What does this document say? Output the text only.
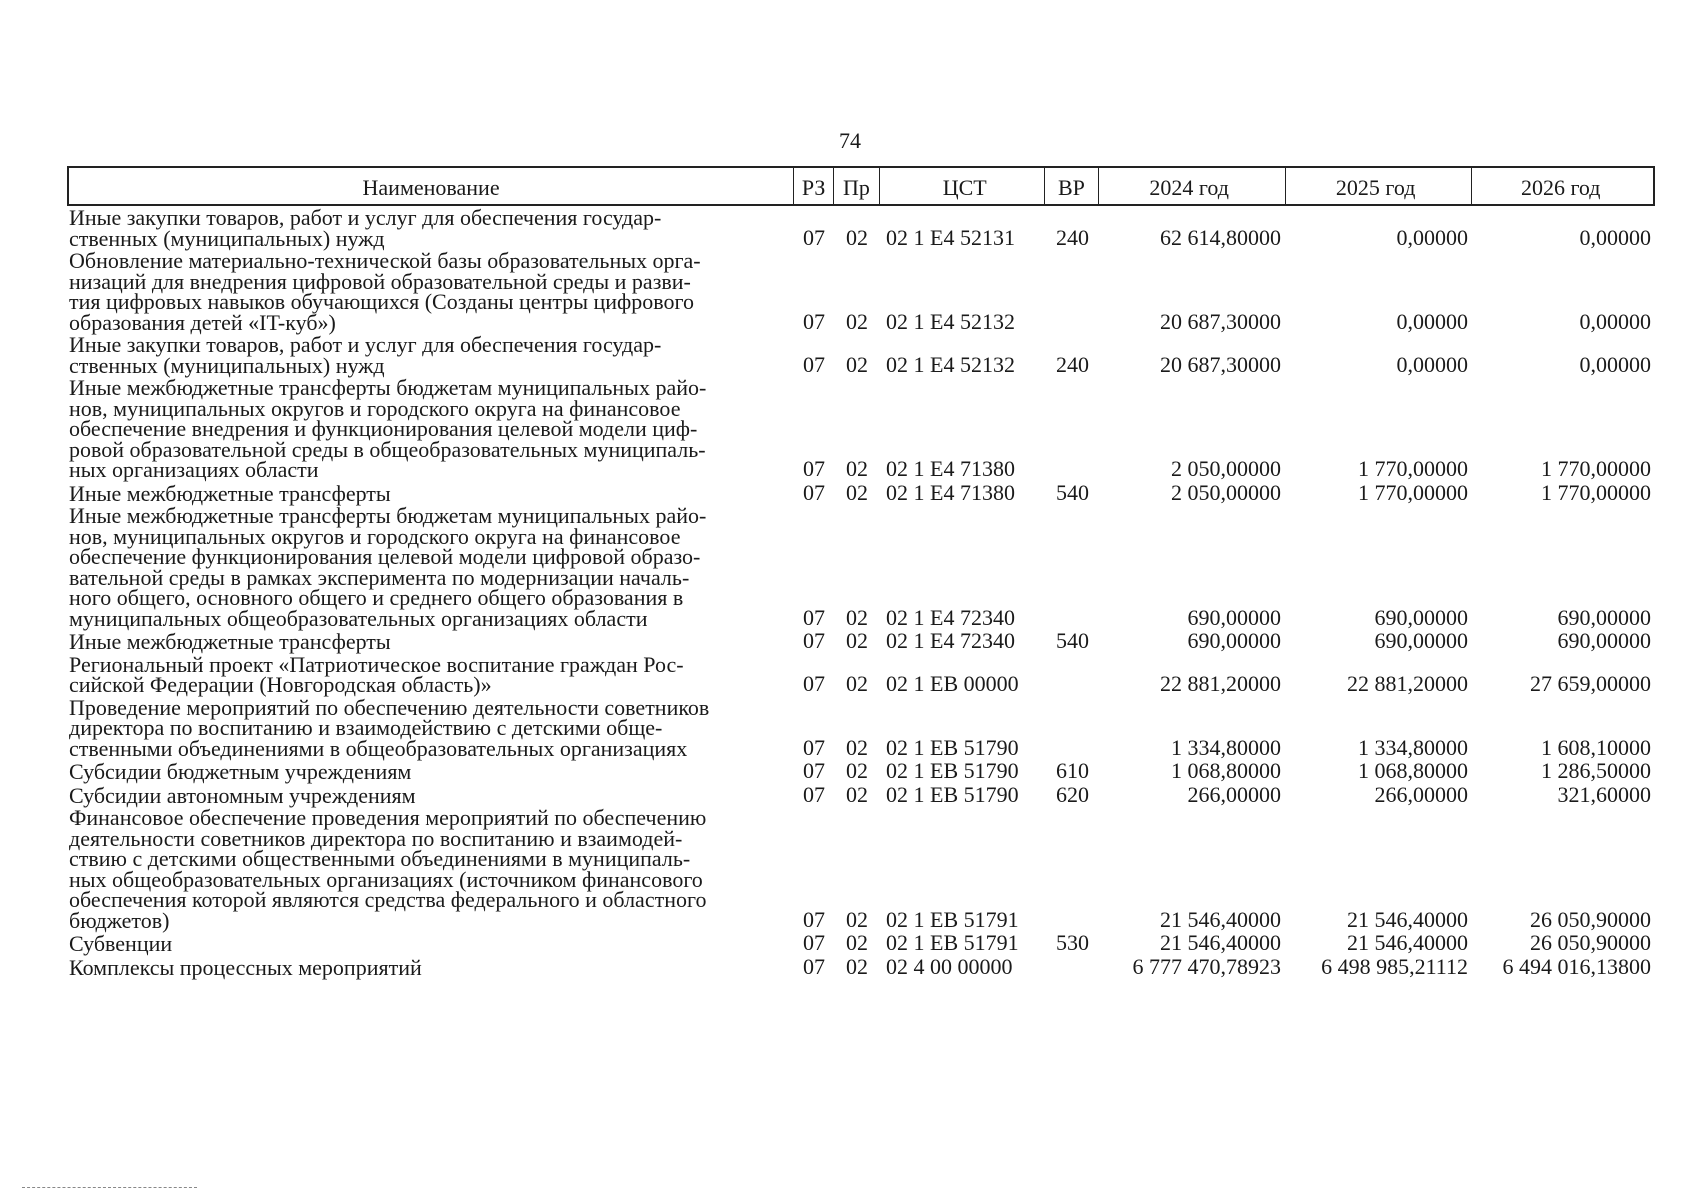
74
Наименование	РЗ Пр	ЦСТ	ВР	2024 год	2025 год	2026 год
Иные закупки товаров, работ и услуг для обеспечения государ-
ственных (муниципальных) нужд	07 02 02 1 Е4 52131	240	62 614,80000	0,00000	0,00000
Обновление материально-технической базы образовательных орга-
низаций для внедрения цифровой образовательной среды и разви-
тия цифровых навыков обучающихся (Созданы центры цифрового
образования детей «IT-куб»)	07 02 02 1 Е4 52132	20 687,30000	0,00000	0,00000
Иные закупки товаров, работ и услуг для обеспечения государ-
ственных (муниципальных) нужд	07 02 02 1 Е4 52132	240	20 687,30000	0,00000	0,00000
Иные межбюджетные трансферты бюджетам муниципальных райо-
нов, муниципальных округов и городского округа на финансовое
обеспечение внедрения и функционирования целевой модели циф-
ровой образовательной среды в общеобразовательных муниципаль-
ных организациях области	07 02 02 1 Е4 71380	2 050,00000	1 770,00000	1 770,00000
Иные межбюджетные трансферты	07 02 02 1 Е4 71380	540	2 050,00000	1 770,00000	1 770,00000
Иные межбюджетные трансферты бюджетам муниципальных райо-
нов, муниципальных округов и городского округа на финансовое
обеспечение функционирования целевой модели цифровой образо-
вательной среды в рамках эксперимента по модернизации началь-
ного общего, основного общего и среднего общего образования в
муниципальных общеобразовательных организациях области	07 02 02 1 Е4 72340	690,00000	690,00000	690,00000
Иные межбюджетные трансферты	07 02 02 1 Е4 72340	540	690,00000	690,00000	690,00000
Региональный проект «Патриотическое воспитание граждан Рос-
сийской Федерации (Новгородская область)»	07 02 02 1 ЕВ 00000	22 881,20000	22 881,20000	27 659,00000
Проведение мероприятий по обеспечению деятельности советников
директора по воспитанию и взаимодействию с детскими обще-
ственными объединениями в общеобразовательных организациях	07 02 02 1 ЕВ 51790	1 334,80000	1 334,80000	1 608,10000
Субсидии бюджетным учреждениям	07 02 02 1 ЕВ 51790	610	1 068,80000	1 068,80000	1 286,50000
Субсидии автономным учреждениям	07 02 02 1 ЕВ 51790	620	266,00000	266,00000	321,60000
Финансовое обеспечение проведения мероприятий по обеспечению
деятельности советников директора по воспитанию и взаимодей-
ствию с детскими общественными объединениями в муниципаль-
ных общеобразовательных организациях (источником финансового
обеспечения которой являются средства федерального и областного
бюджетов)	07 02 02 1 ЕВ 51791	21 546,40000	21 546,40000	26 050,90000
Субвенции	07 02 02 1 ЕВ 51791	530	21 546,40000	21 546,40000	26 050,90000
Комплексы процессных мероприятий	07 02 02 4 00 00000	6 777 470,78923	6 498 985,21112	6 494 016,13800
